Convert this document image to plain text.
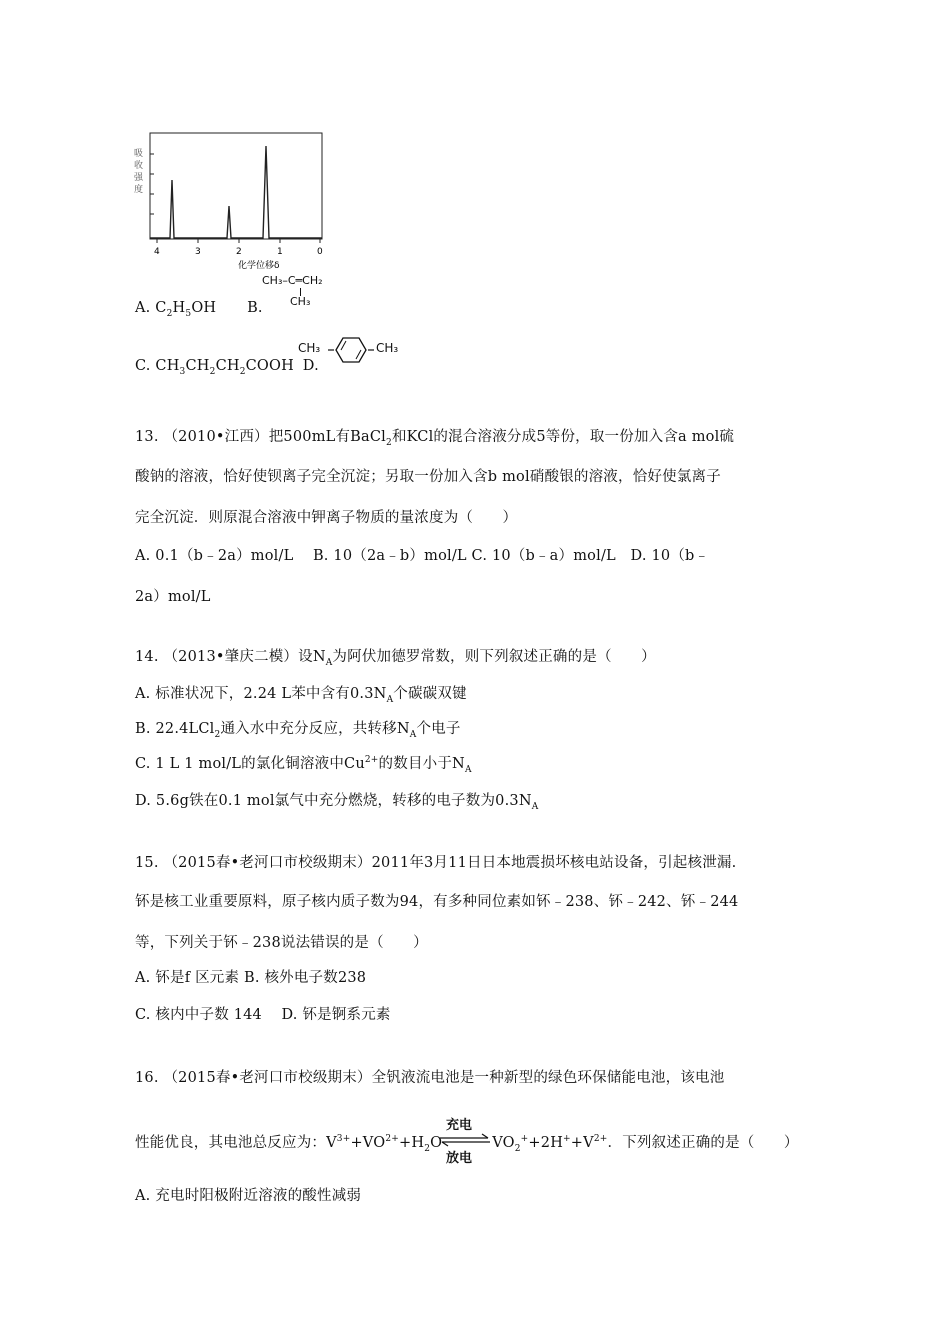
吸
收
强
度
4	3	2	1	0
化学位移δ
CH₃–C═CH₂
CH₃
A. $C_2H_5OH$ B.
CH₃	CH₃
C. $CH_3CH_2CH_2COOH$ D.
13. （2010•江西）把500mL有BaCl$_2$和KCl的混合溶液分成5等份，取一份加入含a mol硫
酸钠的溶液，恰好使钡离子完全沉淀；另取一份加入含b mol硝酸银的溶液，恰好使氯离子
完全沉淀．则原混合溶液中钾离子物质的量浓度为（　　）
A. 0.1（b﹣2a）mol/L　 B. 10（2a﹣b）mol/L C. 10（b﹣a）mol/L　D. 10（b﹣
2a）mol/L
14. （2013•肇庆二模）设$N_A$为阿伏加德罗常数，则下列叙述正确的是（　　）
A. 标准状况下，2.24 L苯中含有$0.3N_A$个碳碳双键
B. 22.4LCl$_2$通入水中充分反应，共转移$N_A$个电子
C. 1 L 1 mol/L的氯化铜溶液中$Cu^{2+}$的数目小于$N_A$
D. 5.6g铁在0.1 mol氯气中充分燃烧，转移的电子数为$0.3N_A$
15. （2015春•老河口市校级期末）2011年3月11日日本地震损坏核电站设备，引起核泄漏.
钚是核工业重要原料，原子核内质子数为94，有多种同位素如钚﹣238、钚﹣242、钚﹣244
等，下列关于钚﹣238说法错误的是（　　）
A. 钚是f 区元素 B. 核外电子数238
C. 核内中子数 144　 D. 钚是锕系元素
16. （2015春•老河口市校级期末）全钒液流电池是一种新型的绿色环保储能电池，该电池
性能优良，其电池总反应为：$V^{3+}+VO^{2+}+H_2O$	$VO_2^++2H^++V^{2+}$．下列叙述正确的是（　　）
充电
放电
A. 充电时阳极附近溶液的酸性减弱
